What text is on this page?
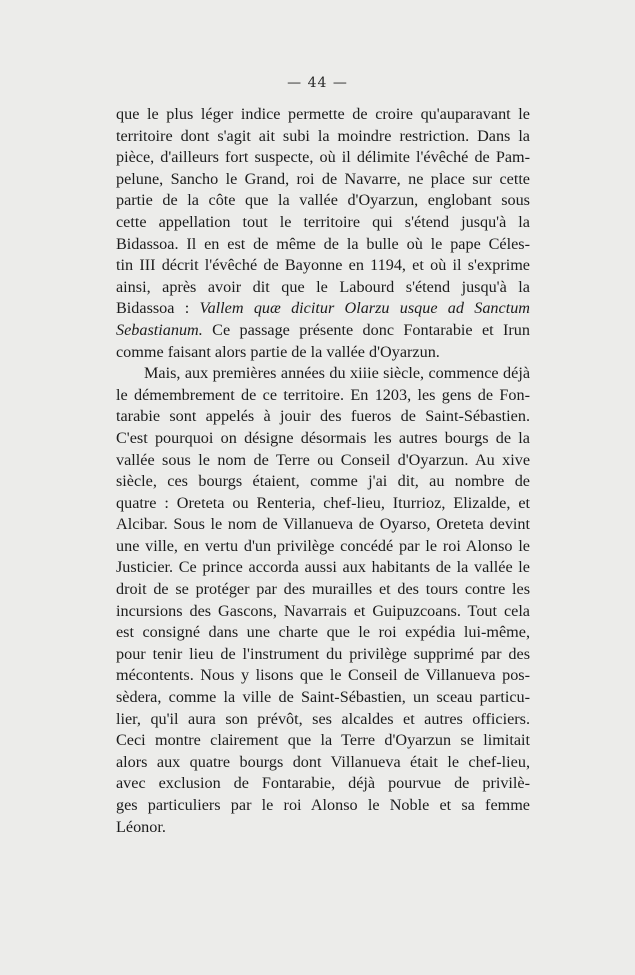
— 44 —

que le plus léger indice permette de croire qu'auparavant le
territoire dont s'agit ait subi la moindre restriction. Dans la
pièce, d'ailleurs fort suspecte, où il délimite l'évêché de Pam-
pelune, Sancho le Grand, roi de Navarre, ne place sur cette
partie de la côte que la vallée d'Oyarzun, englobant sous
cette appellation tout le territoire qui s'étend jusqu'à la
Bidassoa. Il en est de même de la bulle où le pape Céles-
tin III décrit l'évêché de Bayonne en 1194, et où il s'exprime
ainsi, après avoir dit que le Labourd s'étend jusqu'à la
Bidassoa : Vallem quæ dicitur Olarzu usque ad Sanctum
Sebastianum. Ce passage présente donc Fontarabie et Irun
comme faisant alors partie de la vallée d'Oyarzun.

Mais, aux premières années du xiiie siècle, commence déjà
le démembrement de ce territoire. En 1203, les gens de Fon-
tarabie sont appelés à jouir des fueros de Saint-Sébastien.
C'est pourquoi on désigne désormais les autres bourgs de la
vallée sous le nom de Terre ou Conseil d'Oyarzun. Au xive
siècle, ces bourgs étaient, comme j'ai dit, au nombre de
quatre : Oreteta ou Renteria, chef-lieu, Iturrioz, Elizalde, et
Alcibar. Sous le nom de Villanueva de Oyarso, Oreteta devint
une ville, en vertu d'un privilège concédé par le roi Alonso le
Justicier. Ce prince accorda aussi aux habitants de la vallée le
droit de se protéger par des murailles et des tours contre les
incursions des Gascons, Navarrais et Guipuzcoans. Tout cela
est consigné dans une charte que le roi expédia lui-même,
pour tenir lieu de l'instrument du privilège supprimé par des
mécontents. Nous y lisons que le Conseil de Villanueva pos-
sèdera, comme la ville de Saint-Sébastien, un sceau particu-
lier, qu'il aura son prévôt, ses alcaldes et autres officiers.
Ceci montre clairement que la Terre d'Oyarzun se limitait
alors aux quatre bourgs dont Villanueva était le chef-lieu,
avec exclusion de Fontarabie, déjà pourvue de privilè-
ges particuliers par le roi Alonso le Noble et sa femme
Léonor.
